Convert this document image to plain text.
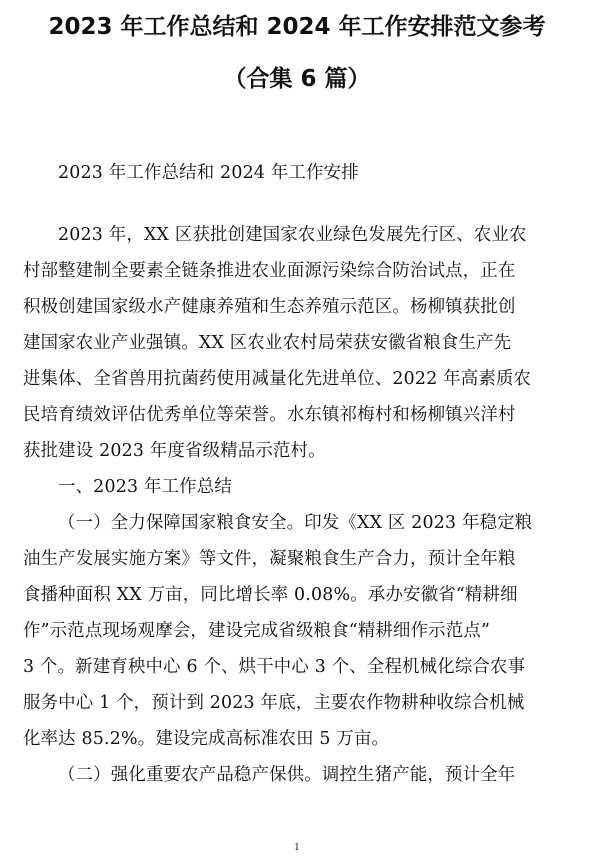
2023 年工作总结和 2024 年工作安排范文参考
（合集 6 篇）
2023 年工作总结和 2024 年工作安排
2023 年，XX 区获批创建国家农业绿色发展先行区、农业农
村部整建制全要素全链条推进农业面源污染综合防治试点，正在
积极创建国家级水产健康养殖和生态养殖示范区。杨柳镇获批创
建国家农业产业强镇。XX 区农业农村局荣获安徽省粮食生产先
进集体、全省兽用抗菌药使用减量化先进单位、2022 年高素质农
民培育绩效评估优秀单位等荣誉。水东镇祁梅村和杨柳镇兴洋村
获批建设 2023 年度省级精品示范村。
一、2023 年工作总结
（一）全力保障国家粮食安全。印发《XX 区 2023 年稳定粮
油生产发展实施方案》等文件，凝聚粮食生产合力，预计全年粮
食播种面积 XX 万亩，同比增长率 0.08%。承办安徽省“精耕细
作”示范点现场观摩会，建设完成省级粮食“精耕细作示范点”
3 个。新建育秧中心 6 个、烘干中心 3 个、全程机械化综合农事
服务中心 1 个，预计到 2023 年底，主要农作物耕种收综合机械
化率达 85.2%。建设完成高标准农田 5 万亩。
（二）强化重要农产品稳产保供。调控生猪产能，预计全年
1
